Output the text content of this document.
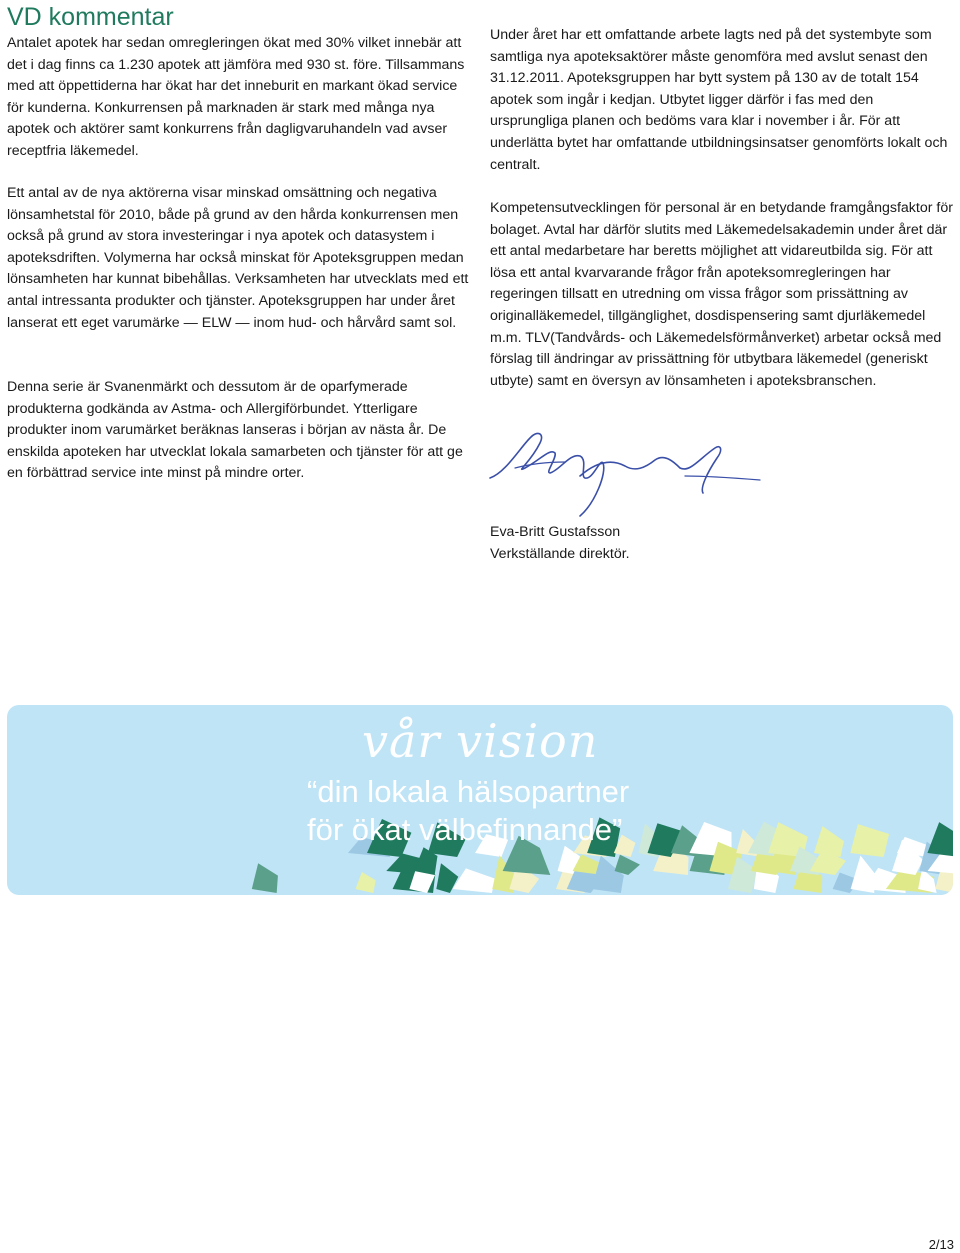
VD kommentar

Antalet apotek har sedan omregleringen ökat med 30% vilket innebär att det i dag finns ca 1.230 apotek att jämföra med 930 st. före. Tillsammans med att öppettiderna har ökat har det inneburit en markant ökad service för kunderna. Konkurrensen på marknaden är stark med många nya apotek och aktörer samt konkurrens från dagligvaruhandeln vad avser receptfria läkemedel.

Ett antal av de nya aktörerna visar minskad omsättning och negativa lönsamhetstal för 2010, både på grund av den hårda konkurrensen men också på grund av stora investeringar i nya apotek och datasystem i apoteksdriften. Volymerna har också minskat för Apoteksgruppen medan lönsamheten har kunnat bibehållas. Verksamheten har utvecklats med ett antal intressanta produkter och tjänster. Apoteksgruppen har under året lanserat ett eget varumärke — ELW — inom hud- och hårvård samt sol.

Denna serie är Svanenmärkt och dessutom är de oparfymerade produkterna godkända av Astma- och Allergiförbundet. Ytterligare produkter inom varumärket beräknas lanseras i början av nästa år. De enskilda apoteken har utvecklat lokala samarbeten och tjänster för att ge en förbättrad service inte minst på mindre orter.

Under året har ett omfattande arbete lagts ned på det systembyte som samtliga nya apoteksaktörer måste genomföra med avslut senast den 31.12.2011. Apoteksgruppen har bytt system på 130 av de totalt 154 apotek som ingår i kedjan. Utbytet ligger därför i fas med den ursprungliga planen och bedöms vara klar i november i år. För att underlätta bytet har omfattande utbildningsinsatser genomförts lokalt och centralt.

Kompetensutvecklingen för personal är en betydande framgångsfaktor för bolaget. Avtal har därför slutits med Läkemedelsakademin under året där ett antal medarbetare har beretts möjlighet att vidareutbilda sig. För att lösa ett antal kvarvarande frågor från apoteksomregleringen har regeringen tillsatt en utredning om vissa frågor som prissättning av originalläkemedel, tillgänglighet, dosdispensering samt djurläkemedel m.m. TLV(Tandvårds- och Läkemedelsförmånverket) arbetar också med förslag till ändringar av prissättning för utbytbara läkemedel (generiskt utbyte) samt en översyn av lönsamheten i apoteksbranschen.

Eva-Britt Gustafsson
Verkställande direktör.
vår vision
“din lokala hälsopartner
för ökat välbefinnande”
2/13
